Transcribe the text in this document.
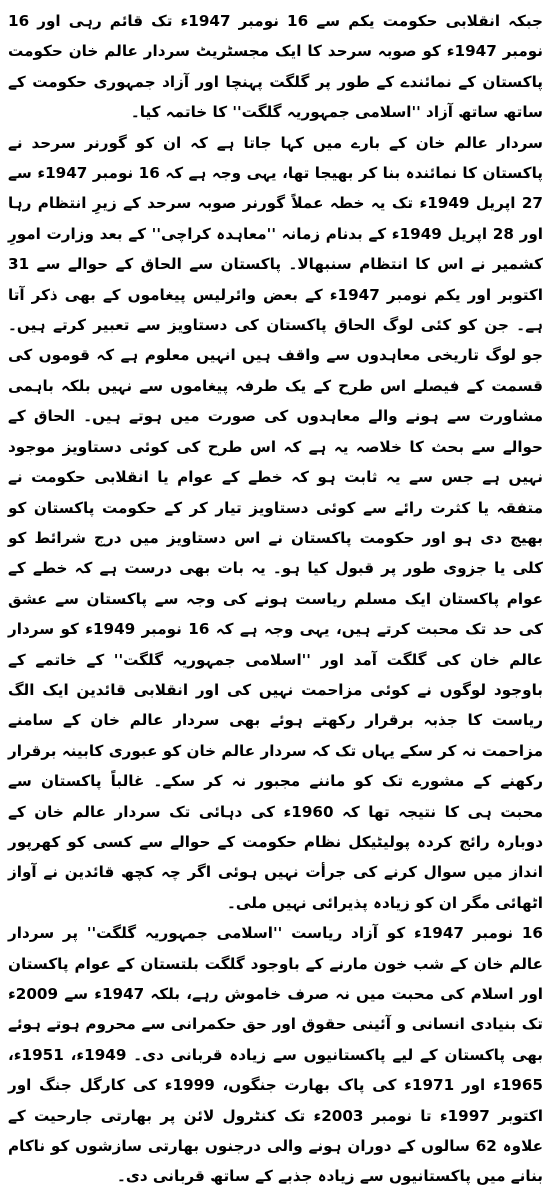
جبکہ انقلابی حکومت یکم سے 16 نومبر 1947ء تک قائم رہی اور 16 نومبر 1947ء کو صوبہ سرحد کا ایک مجسٹریٹ سردار عالم خان حکومت پاکستان کے نمائندے کے طور پر گلگت پہنچا اور آزاد جمہوری حکومت کے ساتھ ساتھ آزاد ''اسلامی جمہوریہ گلگت'' کا خاتمہ کیا۔

سردار عالم خان کے بارے میں کہا جاتا ہے کہ ان کو گورنر سرحد نے پاکستان کا نمائندہ بنا کر بھیجا تھا، یہی وجہ ہے کہ 16 نومبر 1947ء سے 27 اپریل 1949ء تک یہ خطہ عملاً گورنر صوبہ سرحد کے زیرِ انتظام رہا اور 28 اپریل 1949ء کے بدنام زمانہ ''معاہدہ کراچی'' کے بعد وزارت امورِ کشمیر نے اس کا انتظام سنبھالا۔ پاکستان سے الحاق کے حوالے سے 31 اکتوبر اور یکم نومبر 1947ء کے بعض وائرلیس پیغاموں کے بھی ذکر آتا ہے۔ جن کو کئی لوگ الحاق پاکستان کی دستاویز سے تعبیر کرتے ہیں۔ جو لوگ تاریخی معاہدوں سے واقف ہیں انہیں معلوم ہے کہ قوموں کی قسمت کے فیصلے اس طرح کے یک طرفہ پیغاموں سے نہیں بلکہ باہمی مشاورت سے ہونے والے معاہدوں کی صورت میں ہوتے ہیں۔ الحاق کے حوالے سے بحث کا خلاصہ یہ ہے کہ اس طرح کی کوئی دستاویز موجود نہیں ہے جس سے یہ ثابت ہو کہ خطے کے عوام یا انقلابی حکومت نے متفقہ یا کثرت رائے سے کوئی دستاویز تیار کر کے حکومت پاکستان کو بھیج دی ہو اور حکومت پاکستان نے اس دستاویز میں درج شرائط کو کلی یا جزوی طور پر قبول کیا ہو۔ یہ بات بھی درست ہے کہ خطے کے عوام پاکستان ایک مسلم ریاست ہونے کی وجہ سے پاکستان سے عشق کی حد تک محبت کرتے ہیں، یہی وجہ ہے کہ 16 نومبر 1949ء کو سردار عالم خان کی گلگت آمد اور ''اسلامی جمہوریہ گلگت'' کے خاتمے کے باوجود لوگوں نے کوئی مزاحمت نہیں کی اور انقلابی قائدین ایک الگ ریاست کا جذبہ برقرار رکھتے ہوئے بھی سردار عالم خان کے سامنے مزاحمت نہ کر سکے یہاں تک کہ سردار عالم خان کو عبوری کابینہ برقرار رکھنے کے مشورے تک کو ماننے مجبور نہ کر سکے۔ غالباً پاکستان سے محبت ہی کا نتیجہ تھا کہ 1960ء کی دہائی تک سردار عالم خان کے دوبارہ رائج کردہ پولیٹیکل نظام حکومت کے حوالے سے کسی کو کھرپور انداز میں سوال کرنے کی جرأت نہیں ہوئی اگر چہ کچھ قائدین نے آواز اٹھائی مگر ان کو زیادہ پذیرائی نہیں ملی۔

16 نومبر 1947ء کو آزاد ریاست ''اسلامی جمہوریہ گلگت'' پر سردار عالم خان کے شب خون مارنے کے باوجود گلگت بلتستان کے عوام پاکستان اور اسلام کی محبت میں نہ صرف خاموش رہے، بلکہ 1947ء سے 2009ء تک بنیادی انسانی و آئینی حقوق اور حق حکمرانی سے محروم ہوتے ہوئے بھی پاکستان کے لیے پاکستانیوں سے زیادہ قربانی دی۔ 1949ء، 1951ء، 1965ء اور 1971ء کی پاک بھارت جنگوں، 1999ء کی کارگل جنگ اور اکتوبر 1997ء تا نومبر 2003ء تک کنٹرول لائن پر بھارتی جارحیت کے علاوہ 62 سالوں کے دوران ہونے والی درجنوں بھارتی سازشوں کو ناکام بنانے میں پاکستانیوں سے زیادہ جذبے کے ساتھ قربانی دی۔
